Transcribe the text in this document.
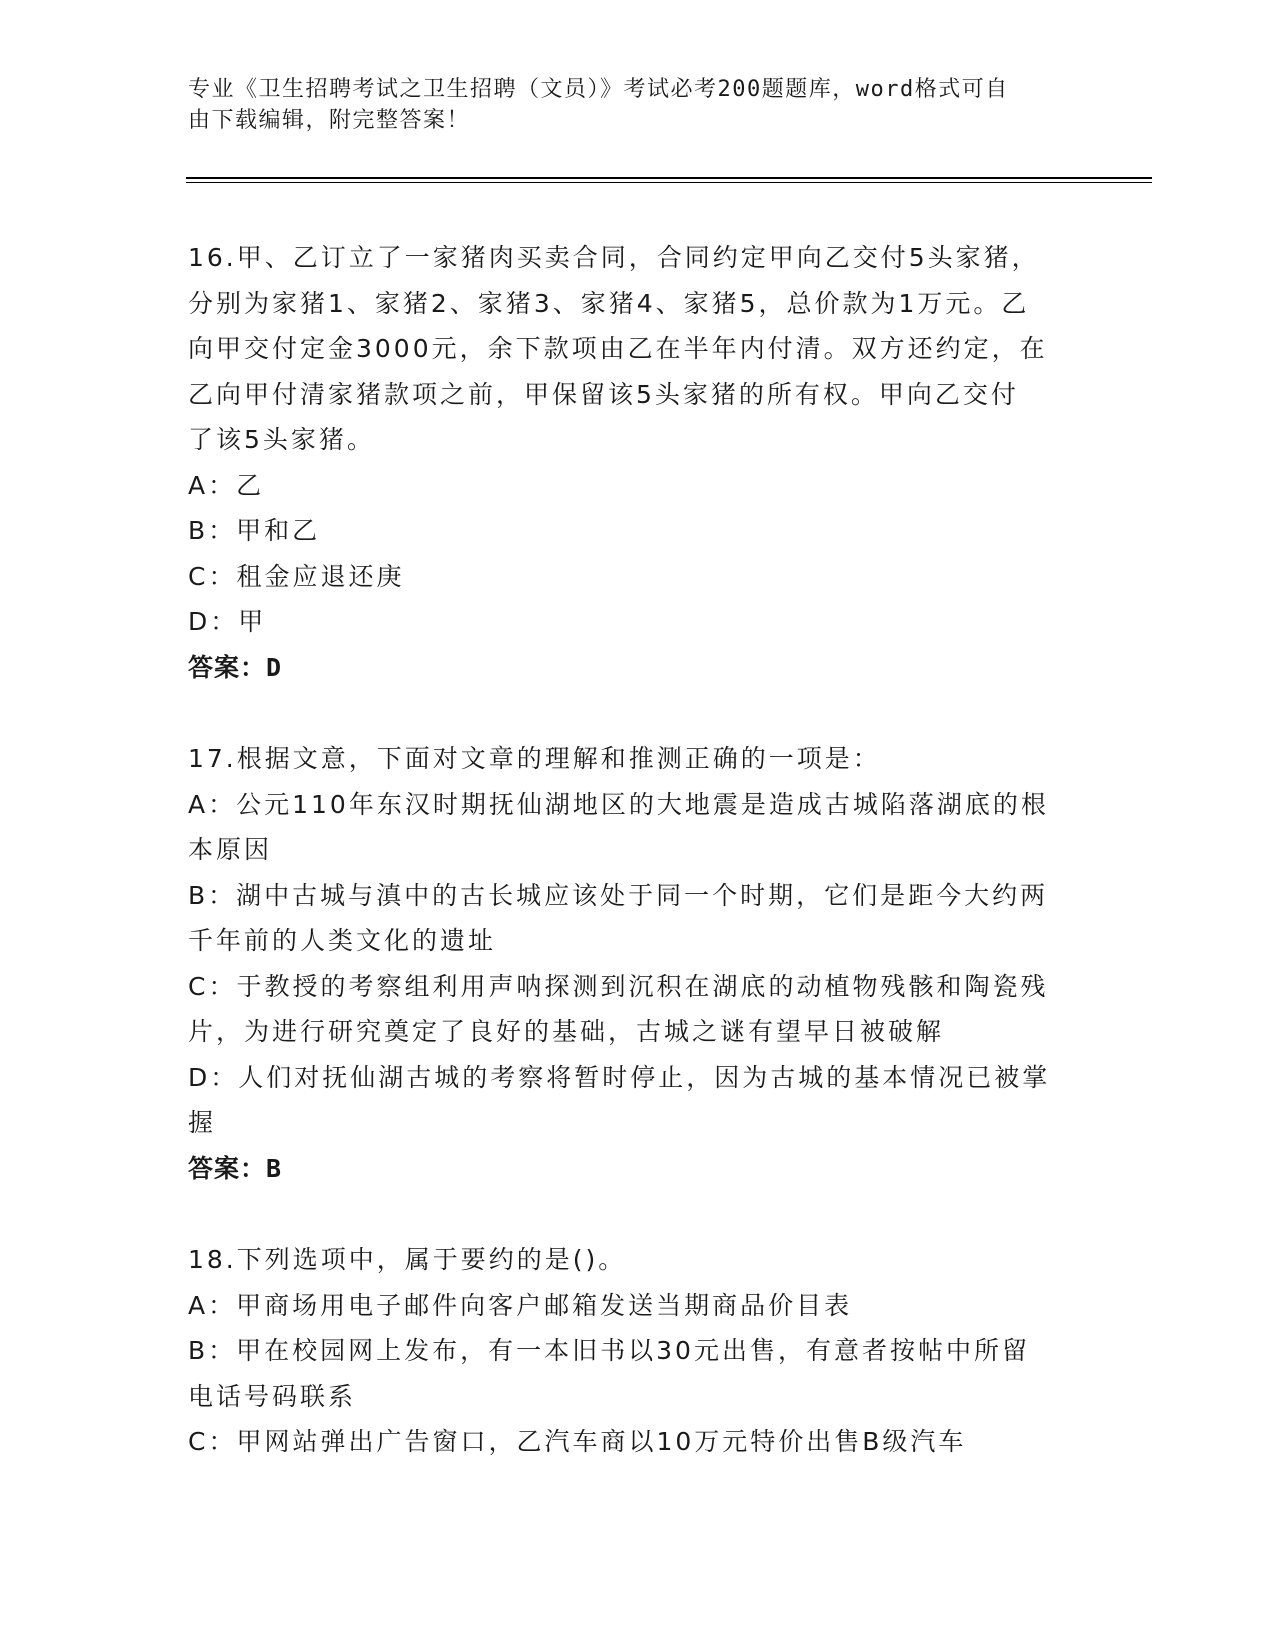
专业《卫生招聘考试之卫生招聘（文员）》考试必考200题题库，word格式可自
由下载编辑，附完整答案！
16.甲、乙订立了一家猪肉买卖合同，合同约定甲向乙交付5头家猪，
分别为家猪1、家猪2、家猪3、家猪4、家猪5，总价款为1万元。乙
向甲交付定金3000元，余下款项由乙在半年内付清。双方还约定，在
乙向甲付清家猪款项之前，甲保留该5头家猪的所有权。甲向乙交付
了该5头家猪。
A：乙
B：甲和乙
C：租金应退还庚
D：甲
答案：D
17.根据文意，下面对文章的理解和推测正确的一项是：
A：公元110年东汉时期抚仙湖地区的大地震是造成古城陷落湖底的根
本原因
B：湖中古城与滇中的古长城应该处于同一个时期，它们是距今大约两
千年前的人类文化的遗址
C：于教授的考察组利用声呐探测到沉积在湖底的动植物残骸和陶瓷残
片，为进行研究奠定了良好的基础，古城之谜有望早日被破解
D：人们对抚仙湖古城的考察将暂时停止，因为古城的基本情况已被掌
握
答案：B
18.下列选项中，属于要约的是()。
A：甲商场用电子邮件向客户邮箱发送当期商品价目表
B：甲在校园网上发布，有一本旧书以30元出售，有意者按帖中所留
电话号码联系
C：甲网站弹出广告窗口，乙汽车商以10万元特价出售B级汽车
